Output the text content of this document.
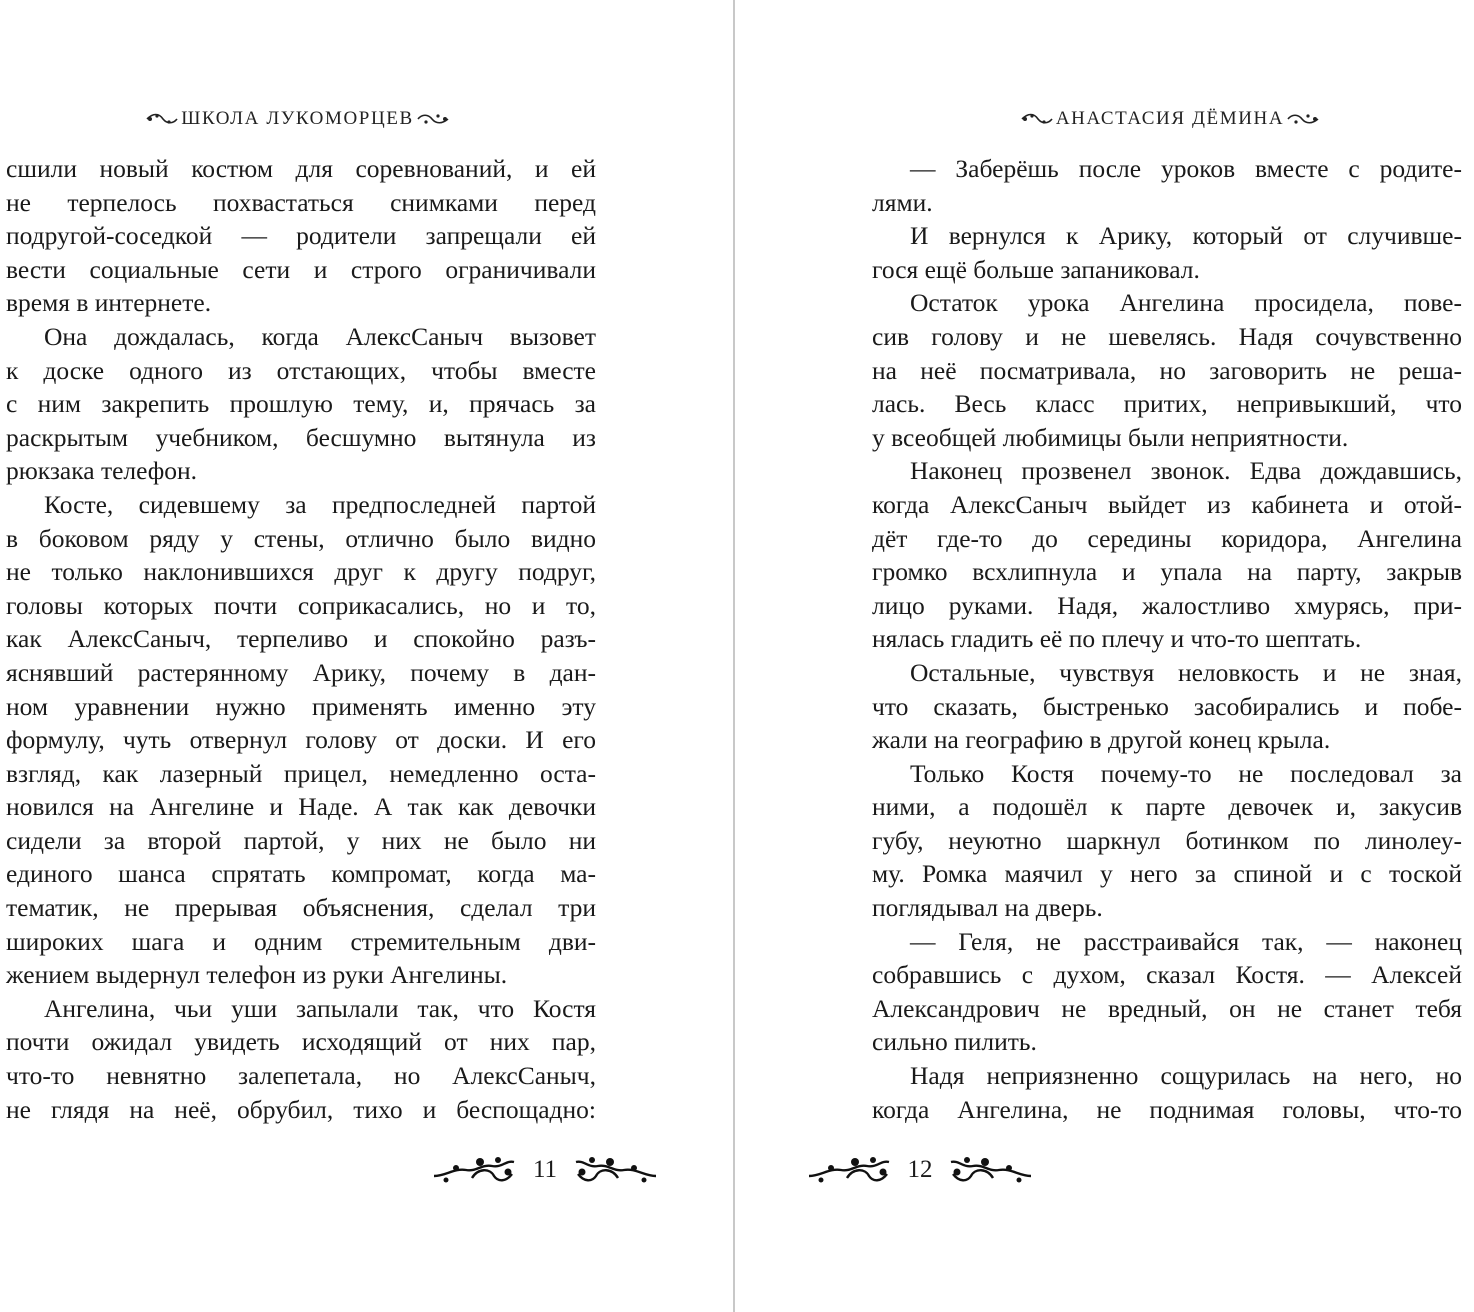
ШКОЛА ЛУКОМОРЦЕВ
сшили новый костюм для соревнований, и ей
не терпелось похвастаться снимками перед
подругой-соседкой — родители запрещали ей
вести социальные сети и строго ограничивали
время в интернете.
Она дождалась, когда АлексСаныч вызовет
к доске одного из отстающих, чтобы вместе
с ним закрепить прошлую тему, и, прячась за
раскрытым учебником, бесшумно вытянула из
рюкзака телефон.
Косте, сидевшему за предпоследней партой
в боковом ряду у стены, отлично было видно
не только наклонившихся друг к другу подруг,
головы которых почти соприкасались, но и то,
как АлексСаныч, терпеливо и спокойно разъ-
яснявший растерянному Арику, почему в дан-
ном уравнении нужно применять именно эту
формулу, чуть отвернул голову от доски. И его
взгляд, как лазерный прицел, немедленно оста-
новился на Ангелине и Наде. А так как девочки
сидели за второй партой, у них не было ни
единого шанса спрятать компромат, когда ма-
тематик, не прерывая объяснения, сделал три
широких шага и одним стремительным дви-
жением выдернул телефон из руки Ангелины.
Ангелина, чьи уши запылали так, что Костя
почти ожидал увидеть исходящий от них пар,
что-то невнятно залепетала, но АлексСаныч,
не глядя на неё, обрубил, тихо и беспощадно:
11
АНАСТАСИЯ ДЁМИНА
— Заберёшь после уроков вместе с родите-
лями.
И вернулся к Арику, который от случивше-
гося ещё больше запаниковал.
Остаток урока Ангелина просидела, пове-
сив голову и не шевелясь. Надя сочувственно
на неё посматривала, но заговорить не реша-
лась. Весь класс притих, непривыкший, что
у всеобщей любимицы были неприятности.
Наконец прозвенел звонок. Едва дождавшись,
когда АлексСаныч выйдет из кабинета и отой-
дёт где-то до середины коридора, Ангелина
громко всхлипнула и упала на парту, закрыв
лицо руками. Надя, жалостливо хмурясь, при-
нялась гладить её по плечу и что-то шептать.
Остальные, чувствуя неловкость и не зная,
что сказать, быстренько засобирались и побе-
жали на географию в другой конец крыла.
Только Костя почему-то не последовал за
ними, а подошёл к парте девочек и, закусив
губу, неуютно шаркнул ботинком по линолеу-
му. Ромка маячил у него за спиной и с тоской
поглядывал на дверь.
— Геля, не расстраивайся так, — наконец
собравшись с духом, сказал Костя. — Алексей
Александрович не вредный, он не станет тебя
сильно пилить.
Надя неприязненно сощурилась на него, но
когда Ангелина, не поднимая головы, что-то
12
